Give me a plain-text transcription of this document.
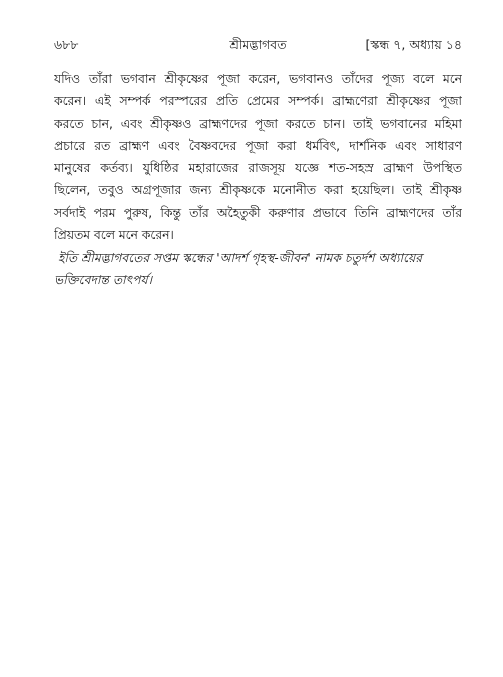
৬৮৮	শ্রীমদ্ভাগবত	[স্কন্ধ ৭, অধ্যায় ১৪
যদিও তাঁরা ভগবান শ্রীকৃষ্ণের পূজা করেন, ভগবানও তাঁদের পূজ্য বলে মনে
করেন। এই সম্পর্ক পরস্পরের প্রতি প্রেমের সম্পর্ক। ব্রাহ্মণেরা শ্রীকৃষ্ণের পূজা
করতে চান, এবং শ্রীকৃষ্ণও ব্রাহ্মণদের পূজা করতে চান। তাই ভগবানের মহিমা
প্রচারে রত ব্রাহ্মণ এবং বৈষ্ণবদের পূজা করা ধর্মবিৎ, দার্শনিক এবং সাধারণ
মানুষের কর্তব্য। যুধিষ্ঠির মহারাজের রাজসূয় যজ্ঞে শত-সহস্র ব্রাহ্মণ উপস্থিত
ছিলেন, তবুও অগ্রপূজার জন্য শ্রীকৃষ্ণকে মনোনীত করা হয়েছিল। তাই শ্রীকৃষ্ণ
সর্বদাই পরম পুরুষ, কিন্তু তাঁর অহৈতুকী করুণার প্রভাবে তিনি ব্রাহ্মণদের তাঁর
প্রিয়তম বলে মনে করেন।
ইতি শ্রীমদ্ভাগবতের সপ্তম স্কন্ধের 'আদর্শ গৃহস্থ-জীবন' নামক চতুর্দশ অধ্যায়ের
ভক্তিবেদান্ত তাৎপর্য।
